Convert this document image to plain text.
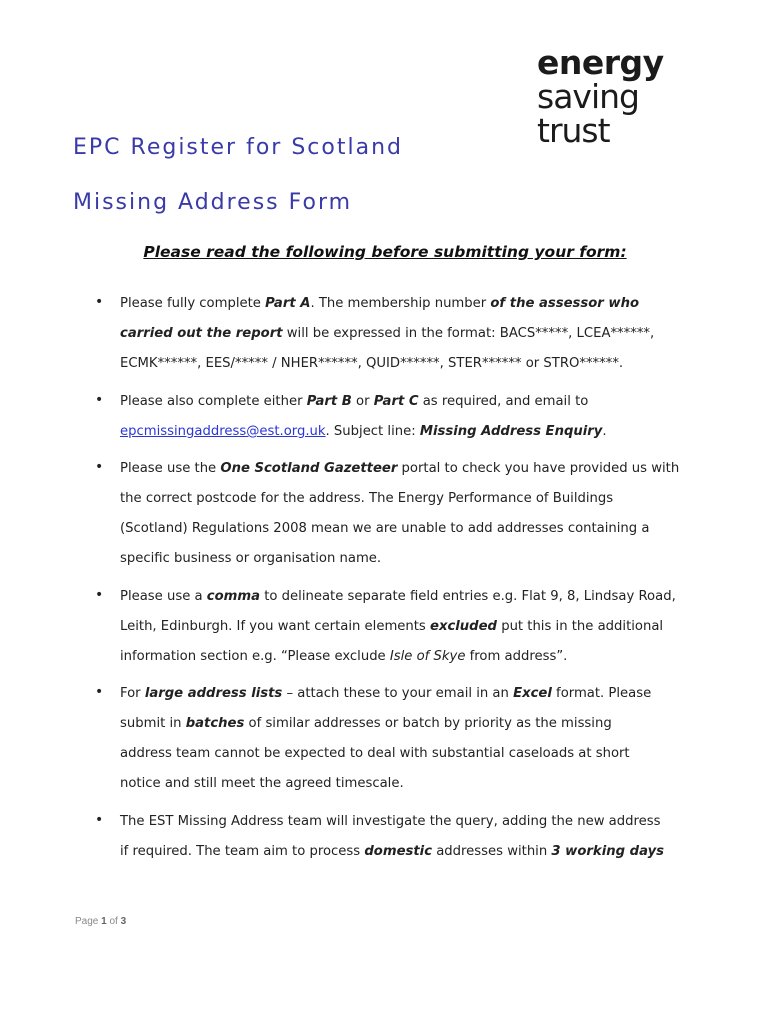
energy
saving
trust
EPC Register for Scotland
Missing Address Form
Please read the following before submitting your form:
• Please fully complete Part A. The membership number of the assessor who
carried out the report will be expressed in the format: BACS*****, LCEA******,
ECMK******, EES/***** / NHER******, QUID******, STER****** or STRO******.
• Please also complete either Part B or Part C as required, and email to
epcmissingaddress@est.org.uk. Subject line: Missing Address Enquiry.
• Please use the One Scotland Gazetteer portal to check you have provided us with
the correct postcode for the address. The Energy Performance of Buildings
(Scotland) Regulations 2008 mean we are unable to add addresses containing a
specific business or organisation name.
• Please use a comma to delineate separate field entries e.g. Flat 9, 8, Lindsay Road,
Leith, Edinburgh. If you want certain elements excluded put this in the additional
information section e.g. “Please exclude Isle of Skye from address”.
• For large address lists – attach these to your email in an Excel format. Please
submit in batches of similar addresses or batch by priority as the missing
address team cannot be expected to deal with substantial caseloads at short
notice and still meet the agreed timescale.
• The EST Missing Address team will investigate the query, adding the new address
if required. The team aim to process domestic addresses within 3 working days
Page 1 of 3
